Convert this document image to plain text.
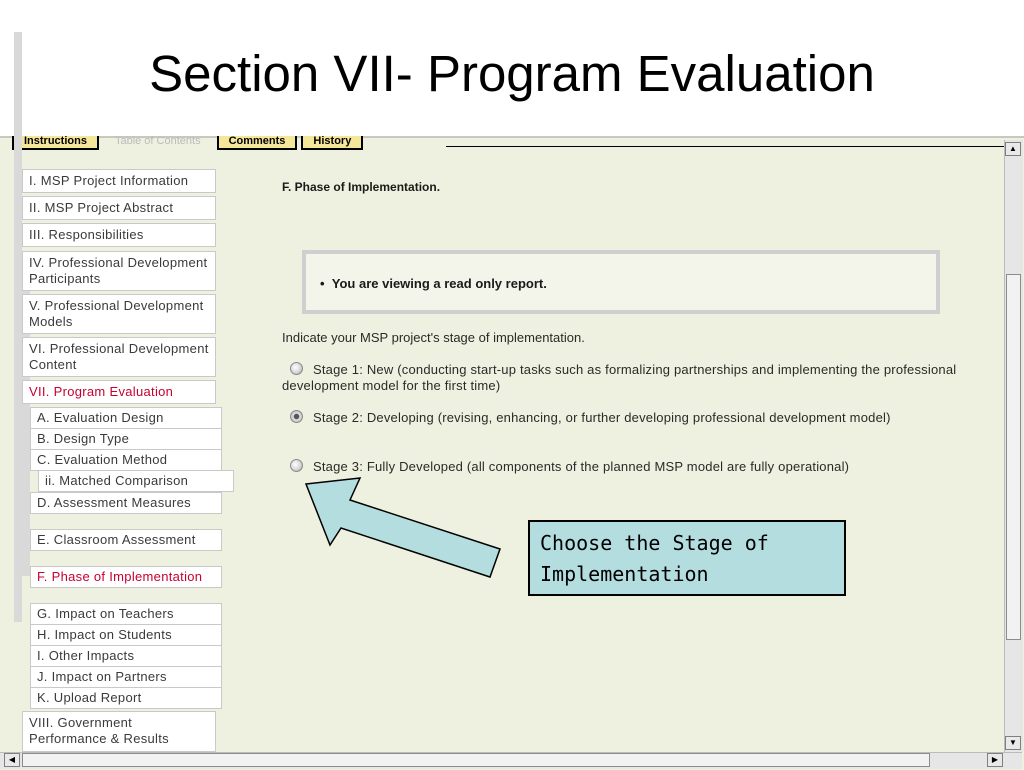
Section VII- Program Evaluation
Instructions	Table of Contents	Comments	History
I. MSP Project Information
II. MSP Project Abstract
III. Responsibilities
IV. Professional Development Participants
V. Professional Development Models
VI. Professional Development Content
VII. Program Evaluation
A. Evaluation Design
B. Design Type
C. Evaluation Method
ii. Matched Comparison
D. Assessment Measures
E. Classroom Assessment
F. Phase of Implementation
G. Impact on Teachers
H. Impact on Students
I. Other Impacts
J. Impact on Partners
K. Upload Report
VIII. Government Performance & Results
F. Phase of Implementation.
•  You are viewing a read only report.
Indicate your MSP project's stage of implementation.
Stage 1: New (conducting start-up tasks such as formalizing partnerships and implementing the professional development model for the first time)
Stage 2: Developing (revising, enhancing, or further developing professional development model)
Stage 3: Fully Developed (all components of the planned MSP model are fully operational)
Choose the Stage of Implementation
▲
▼
◀	▶
